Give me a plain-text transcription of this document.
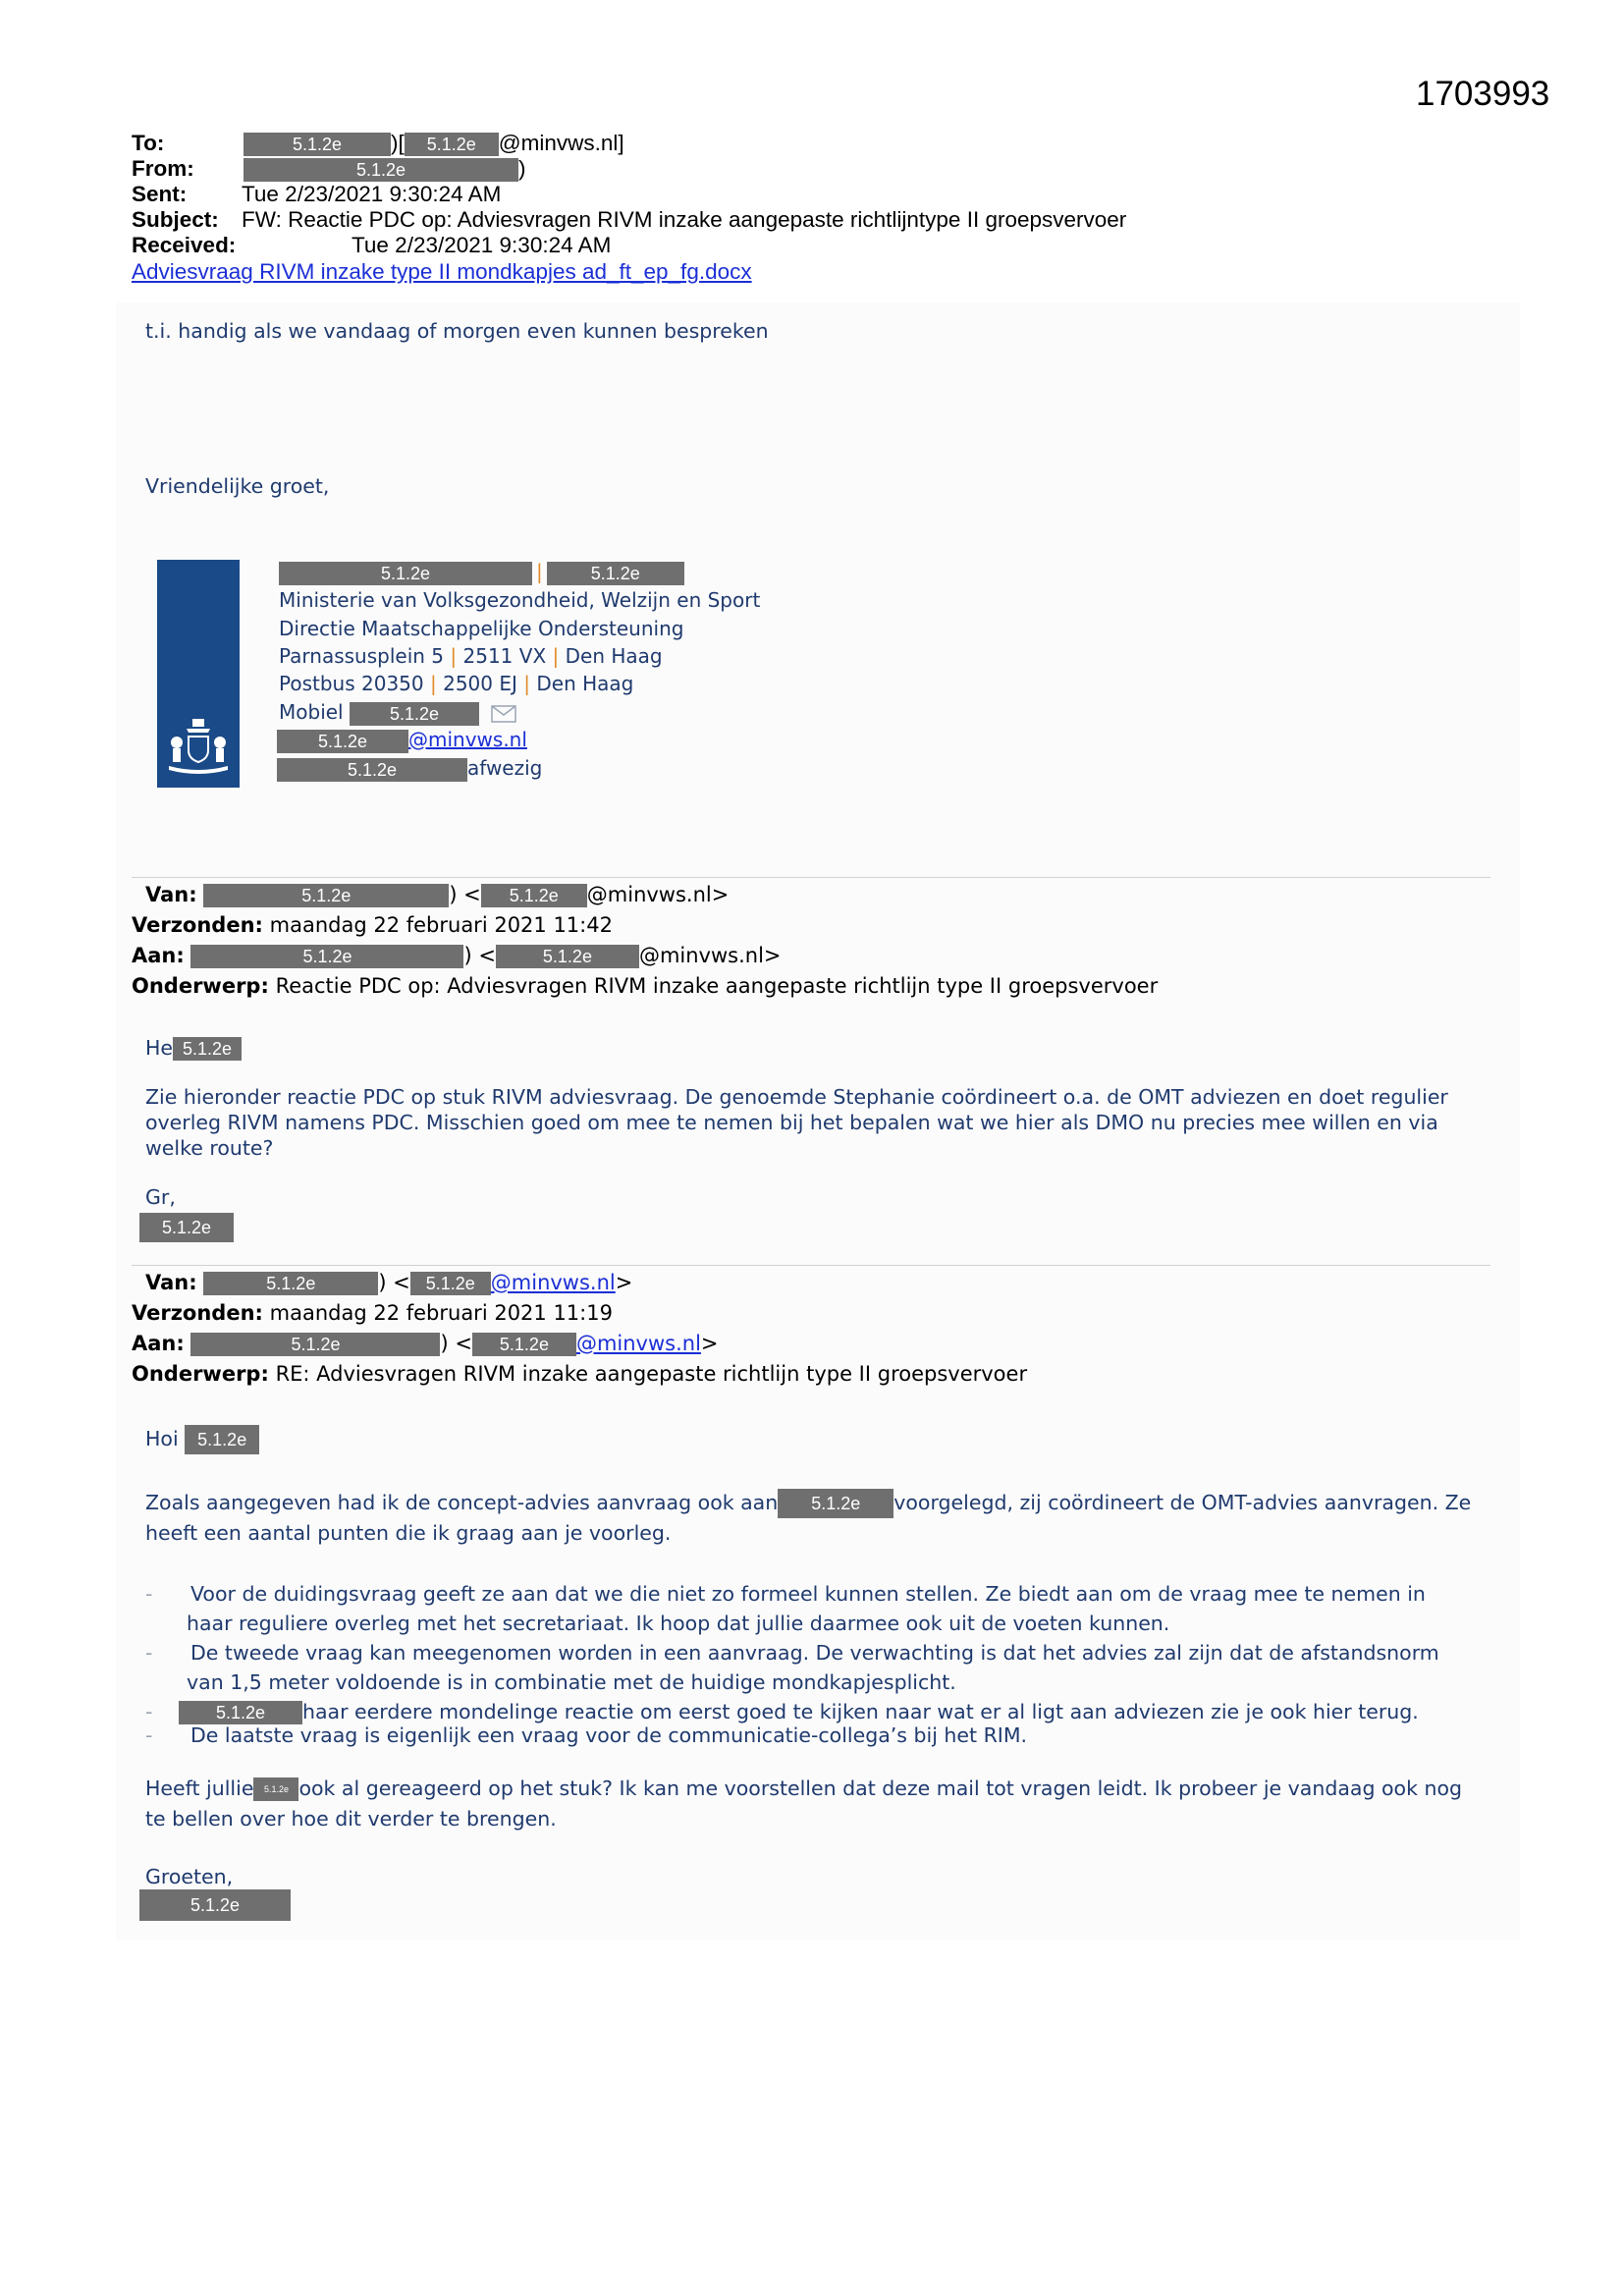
1703993
To:	5.1.2e )[ 5.1.2e @minvws.nl]
From:	5.1.2e	)
Sent: Tue 2/23/2021 9:30:24 AM
Subject: FW: Reactie PDC op: Adviesvragen RIVM inzake aangepaste richtlijntype II groepsvervoer
Received:	Tue 2/23/2021 9:30:24 AM
Adviesvraag RIVM inzake type II mondkapjes ad_ft_ep_fg.docx
t.i. handig als we vandaag of morgen even kunnen bespreken
Vriendelijke groet,
5.1.2e	|	5.1.2e
Ministerie van Volksgezondheid, Welzijn en Sport
Directie Maatschappelijke Ondersteuning
Parnassusplein 5 | 2511 VX | Den Haag
Postbus 20350 | 2500 EJ | Den Haag
Mobiel	5.1.2e
5.1.2e @minvws.nl
5.1.2e	afwezig
Van:	5.1.2e	) < 5.1.2e @minvws.nl>
Verzonden: maandag 22 februari 2021 11:42
Aan:	5.1.2e	) <	5.1.2e @minvws.nl>
Onderwerp: Reactie PDC op: Adviesvragen RIVM inzake aangepaste richtlijn type II groepsvervoer
He 5.1.2e
Zie hieronder reactie PDC op stuk RIVM adviesvraag. De genoemde Stephanie coördineert o.a. de OMT adviezen en doet regulier
overleg RIVM namens PDC. Misschien goed om mee te nemen bij het bepalen wat we hier als DMO nu precies mee willen en via
welke route?
Gr,
5.1.2e
Van:	5.1.2e	) < 5.1.2e @minvws.nl>
Verzonden: maandag 22 februari 2021 11:19
Aan:	5.1.2e	) < 5.1.2e @minvws.nl>
Onderwerp: RE: Adviesvragen RIVM inzake aangepaste richtlijn type II groepsvervoer
Hoi 5.1.2e
Zoals aangegeven had ik de concept-advies aanvraag ook aan 5.1.2e voorgelegd, zij coördineert de OMT-advies aanvragen. Ze
heeft een aantal punten die ik graag aan je voorleg.
- Voor de duidingsvraag geeft ze aan dat we die niet zo formeel kunnen stellen. Ze biedt aan om de vraag mee te nemen in
haar reguliere overleg met het secretariaat. Ik hoop dat jullie daarmee ook uit de voeten kunnen.
- De tweede vraag kan meegenomen worden in een aanvraag. De verwachting is dat het advies zal zijn dat de afstandsnorm
van 1,5 meter voldoende is in combinatie met de huidige mondkapjesplicht.
-	5.1.2e haar eerdere mondelinge reactie om eerst goed te kijken naar wat er al ligt aan adviezen zie je ook hier terug.
- De laatste vraag is eigenlijk een vraag voor de communicatie-collega’s bij het RIM.
Heeft jullie 5.1.2e ook al gereageerd op het stuk? Ik kan me voorstellen dat deze mail tot vragen leidt. Ik probeer je vandaag ook nog
te bellen over hoe dit verder te brengen.
Groeten,
5.1.2e
